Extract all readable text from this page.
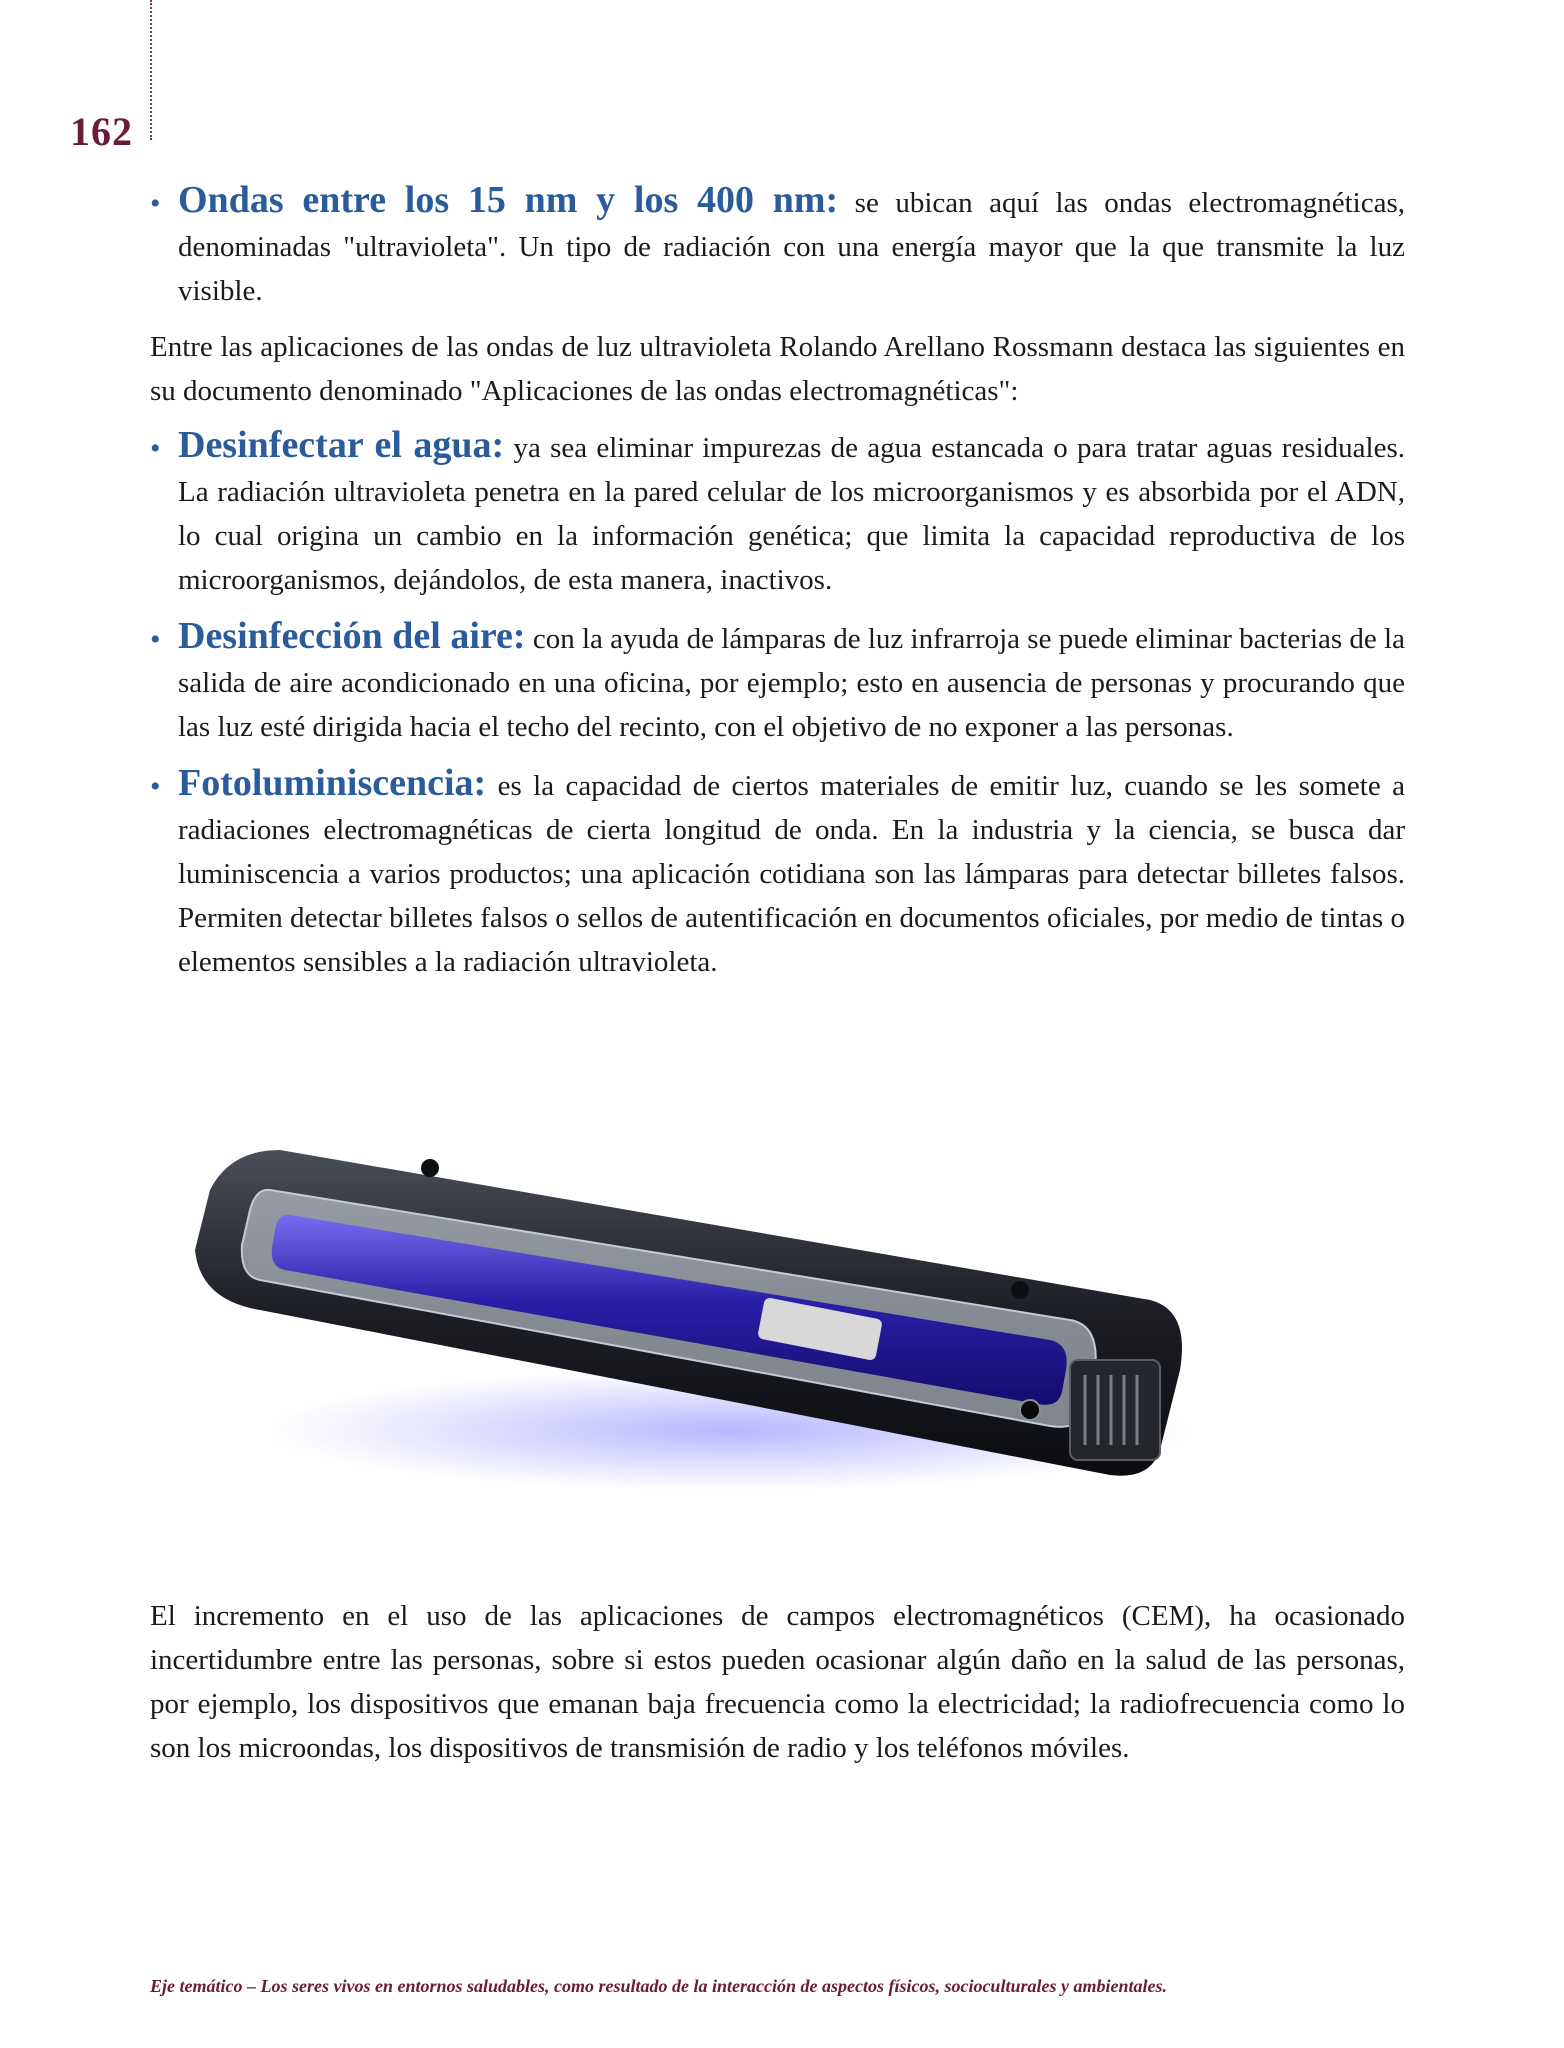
162
• Ondas entre los 15 nm y los 400 nm: se ubican aquí las ondas electromagnéticas, denominadas "ultravioleta". Un tipo de radiación con una energía mayor que la que transmite la luz visible.

Entre las aplicaciones de las ondas de luz ultravioleta Rolando Arellano Rossmann destaca las siguientes en su documento denominado "Aplicaciones de las ondas electromagnéticas":

• Desinfectar el agua: ya sea eliminar impurezas de agua estancada o para tratar aguas residuales. La radiación ultravioleta penetra en la pared celular de los microorganismos y es absorbida por el ADN, lo cual origina un cambio en la información genética; que limita la capacidad reproductiva de los microorganismos, dejándolos, de esta manera, inactivos.
• Desinfección del aire: con la ayuda de lámparas de luz infrarroja se puede eliminar bacterias de la salida de aire acondicionado en una oficina, por ejemplo; esto en ausencia de personas y procurando que las luz esté dirigida hacia el techo del recinto, con el objetivo de no exponer a las personas.
• Fotoluminiscencia: es la capacidad de ciertos materiales de emitir luz, cuando se les somete a radiaciones electromagnéticas de cierta longitud de onda. En la industria y la ciencia, se busca dar luminiscencia a varios productos; una aplicación cotidiana son las lámparas para detectar billetes falsos. Permiten detectar billetes falsos o sellos de autentificación en documentos oficiales, por medio de tintas o elementos sensibles a la radiación ultravioleta.

El incremento en el uso de las aplicaciones de campos electromagnéticos (CEM), ha ocasionado incertidumbre entre las personas, sobre si estos pueden ocasionar algún daño en la salud de las personas, por ejemplo, los dispositivos que emanan baja frecuencia como la electricidad; la radiofrecuencia como lo son los microondas, los dispositivos de transmisión de radio y los teléfonos móviles.

Eje temático – Los seres vivos en entornos saludables, como resultado de la interacción de aspectos físicos, socioculturales y ambientales.
